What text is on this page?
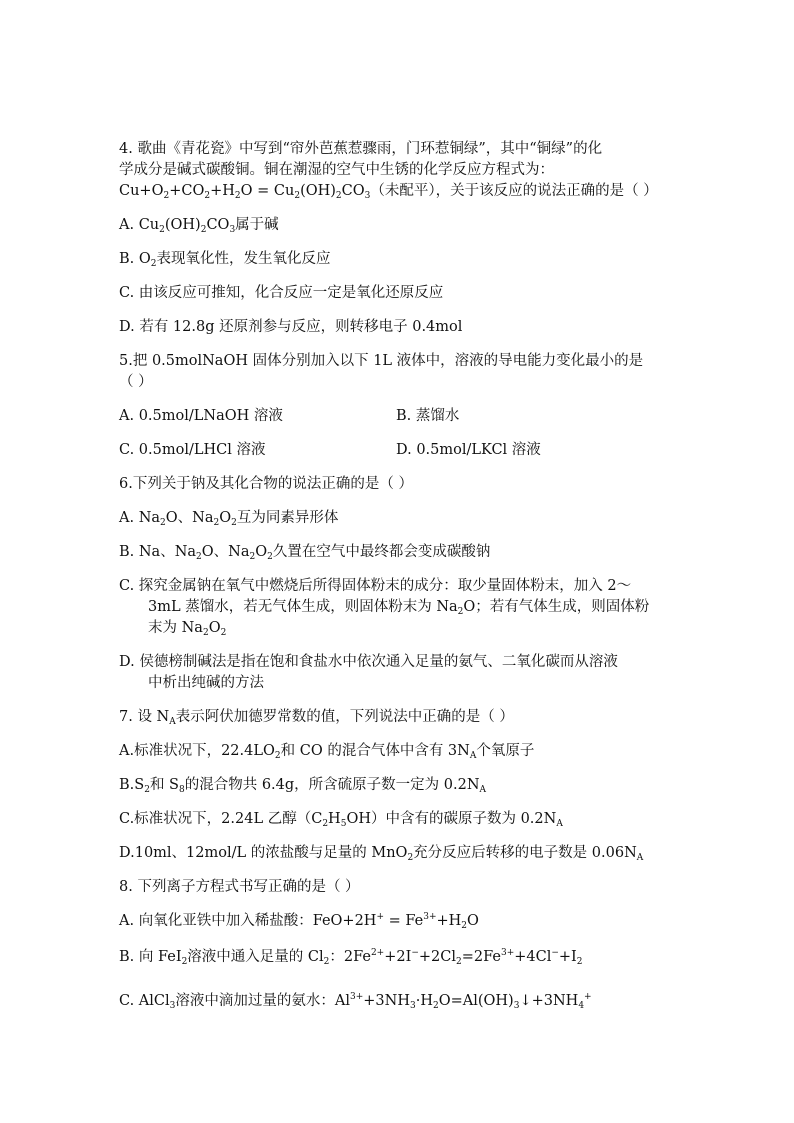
4. 歌曲《青花瓷》中写到“帘外芭蕉惹骤雨，门环惹铜绿”，其中“铜绿”的化
学成分是碱式碳酸铜。铜在潮湿的空气中生锈的化学反应方程式为：
$Cu+O_2+CO_2+H_2O = Cu_2(OH)_2CO_3$（未配平），关于该反应的说法正确的是（ ）
A. $Cu_2(OH)_2CO_3$属于碱
B. $O_2$表现氧化性，发生氧化反应
C. 由该反应可推知，化合反应一定是氧化还原反应
D. 若有 12.8g 还原剂参与反应，则转移电子 0.4mol
5.把 0.5molNaOH 固体分别加入以下 1L 液体中，溶液的导电能力变化最小的是
（ ）
A. 0.5mol/LNaOH 溶液	B. 蒸馏水
C. 0.5mol/LHCl 溶液	D. 0.5mol/LKCl 溶液
6.下列关于钠及其化合物的说法正确的是（ ）
A. $Na_2O$、$Na_2O_2$互为同素异形体
B. Na、$Na_2O$、$Na_2O_2$久置在空气中最终都会变成碳酸钠
C. 探究金属钠在氧气中燃烧后所得固体粉末的成分：取少量固体粉末，加入 2～
3mL 蒸馏水，若无气体生成，则固体粉末为 $Na_2O$；若有气体生成，则固体粉
末为 $Na_2O_2$
D. 侯德榜制碱法是指在饱和食盐水中依次通入足量的氨气、二氧化碳而从溶液
中析出纯碱的方法
7. 设 $N_A$表示阿伏加德罗常数的值，下列说法中正确的是（ ）
A.标准状况下，$22.4LO_2$和 CO 的混合气体中含有 $3N_A$个氧原子
$B.S_2$和 $S_8$的混合物共 6.4g，所含硫原子数一定为 $0.2N_A$
C.标准状况下，2.24L 乙醇$(C_2H_5OH)$中含有的碳原子数为 $0.2N_A$
D.10ml、12mol/L 的浓盐酸与足量的 MnO$_2$充分反应后转移的电子数是 $0.06N_A$
8. 下列离子方程式书写正确的是（ ）
A. 向氧化亚铁中加入稀盐酸：$FeO+2H^+ = Fe^{3+}+H_2O$
B. 向 FeI$_2$溶液中通入足量的 $Cl_2$：$2Fe^{2+}+2I^-+2Cl_2=2Fe^{3+}+4Cl^-+I_2$
C. AlCl$_3$溶液中滴加过量的氨水：$Al^{3+}+3NH_3\cdot H_2O=Al(OH)_3↓+3NH_4^+$
